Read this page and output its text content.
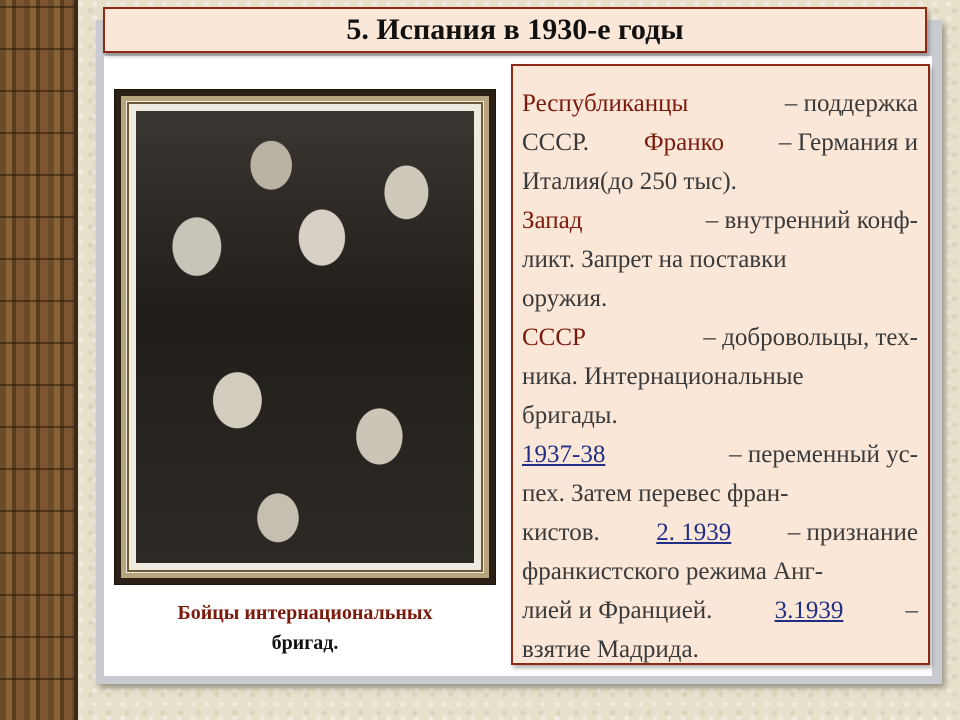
5. Испания в 1930-е годы
Бойцы интернациональных
бригад.
Республиканцы	– поддержка
СССР. Франко – Германия и
Италия(до 250 тыс).
Запад	– внутренний конф-
ликт. Запрет на поставки
оружия.
СССР	– добровольцы, тех-
ника. Интернациональные
бригады.
1937-38	– переменный ус-
пех. Затем перевес фран-
кистов. 2. 1939 – признание
франкистского режима Анг-
лией и Францией. 3.1939 –
взятие Мадрида.
